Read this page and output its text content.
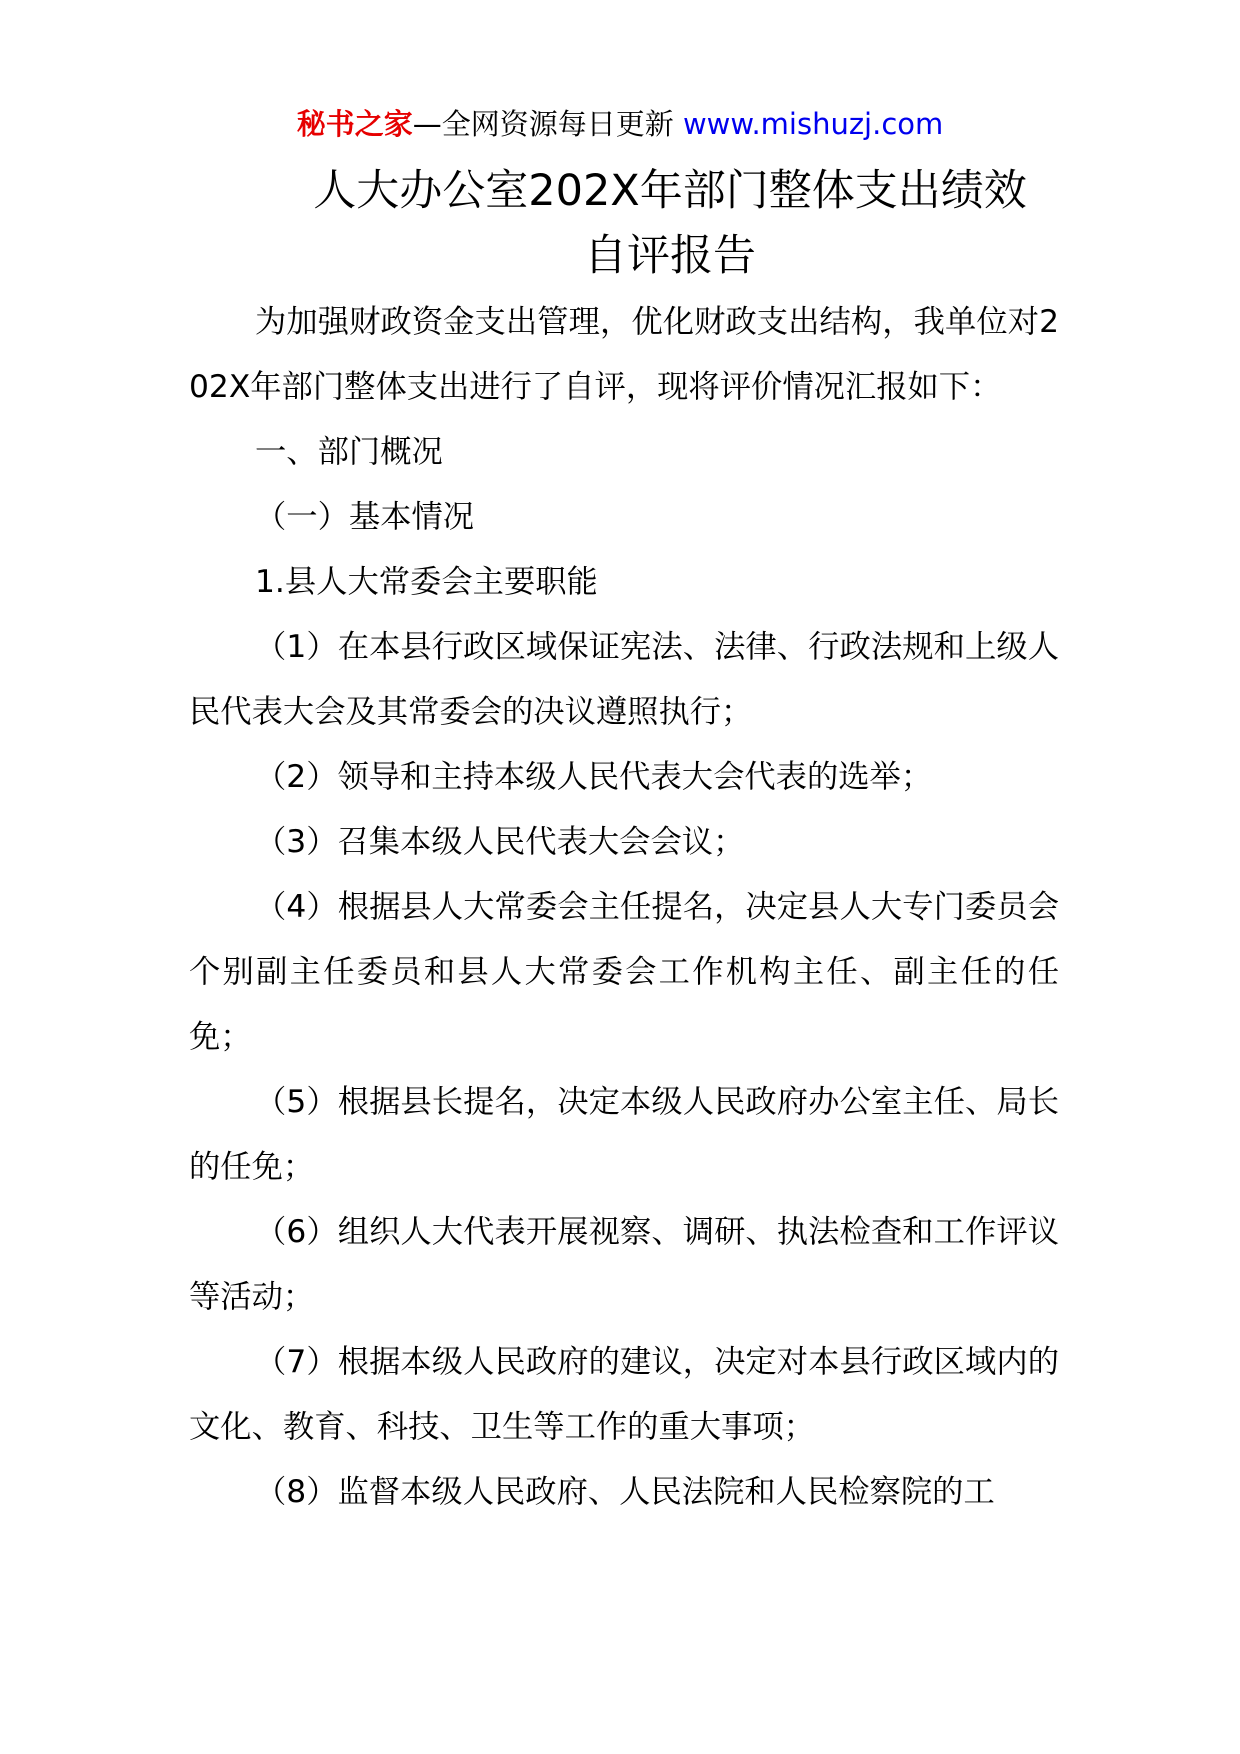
秘书之家—全网资源每日更新 www.mishuzj.com
人大办公室202X年部门整体支出绩效
自评报告

为加强财政资金支出管理，优化财政支出结构，我单位对202X年部门整体支出进行了自评，现将评价情况汇报如下：

一、部门概况

（一）基本情况

1.县人大常委会主要职能

（1）在本县行政区域保证宪法、法律、行政法规和上级人民代表大会及其常委会的决议遵照执行；

（2）领导和主持本级人民代表大会代表的选举；

（3）召集本级人民代表大会会议；

（4）根据县人大常委会主任提名，决定县人大专门委员会个别副主任委员和县人大常委会工作机构主任、副主任的任免；

（5）根据县长提名，决定本级人民政府办公室主任、局长的任免；

（6）组织人大代表开展视察、调研、执法检查和工作评议等活动；

（7）根据本级人民政府的建议，决定对本县行政区域内的文化、教育、科技、卫生等工作的重大事项；

（8）监督本级人民政府、人民法院和人民检察院的工
